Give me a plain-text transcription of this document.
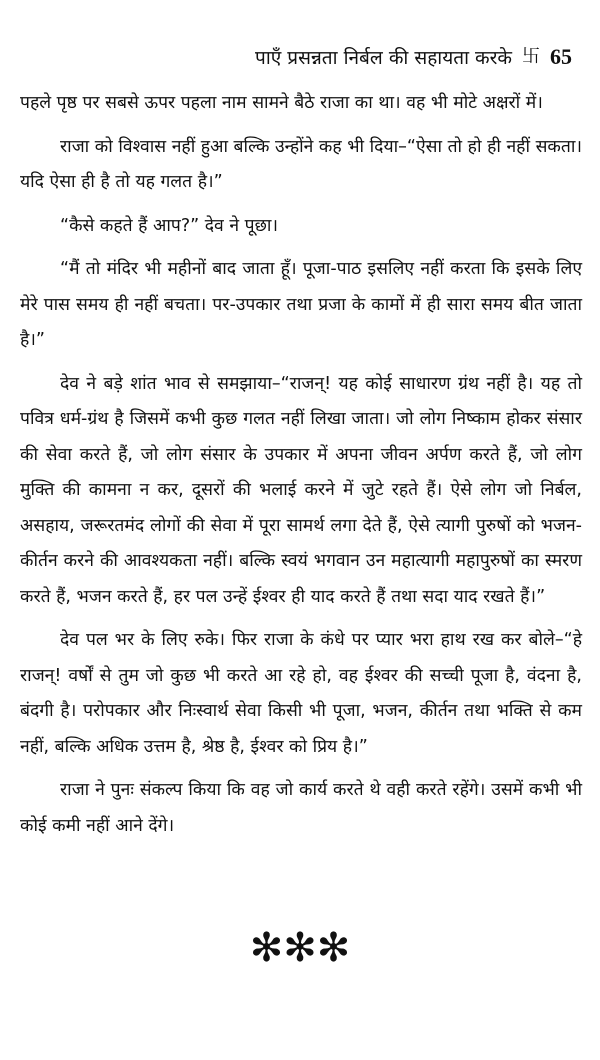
पाएँ प्रसन्नता निर्बल की सहायता करके 卐 65

पहले पृष्ठ पर सबसे ऊपर पहला नाम सामने बैठे राजा का था। वह भी मोटे अक्षरों में।

राजा को विश्वास नहीं हुआ बल्कि उन्होंने कह भी दिया–“ऐसा तो हो ही नहीं सकता। यदि ऐसा ही है तो यह गलत है।”

“कैसे कहते हैं आप?” देव ने पूछा।

“मैं तो मंदिर भी महीनों बाद जाता हूँ। पूजा-पाठ इसलिए नहीं करता कि इसके लिए मेरे पास समय ही नहीं बचता। पर-उपकार तथा प्रजा के कामों में ही सारा समय बीत जाता है।”

देव ने बड़े शांत भाव से समझाया–“राजन्! यह कोई साधारण ग्रंथ नहीं है। यह तो पवित्र धर्म-ग्रंथ है जिसमें कभी कुछ गलत नहीं लिखा जाता। जो लोग निष्काम होकर संसार की सेवा करते हैं, जो लोग संसार के उपकार में अपना जीवन अर्पण करते हैं, जो लोग मुक्ति की कामना न कर, दूसरों की भलाई करने में जुटे रहते हैं। ऐसे लोग जो निर्बल, असहाय, जरूरतमंद लोगों की सेवा में पूरा सामर्थ लगा देते हैं, ऐसे त्यागी पुरुषों को भजन-कीर्तन करने की आवश्यकता नहीं। बल्कि स्वयं भगवान उन महात्यागी महापुरुषों का स्मरण करते हैं, भजन करते हैं, हर पल उन्हें ईश्वर ही याद करते हैं तथा सदा याद रखते हैं।”

देव पल भर के लिए रुके। फिर राजा के कंधे पर प्यार भरा हाथ रख कर बोले–“हे राजन्! वर्षों से तुम जो कुछ भी करते आ रहे हो, वह ईश्वर की सच्ची पूजा है, वंदना है, बंदगी है। परोपकार और निःस्वार्थ सेवा किसी भी पूजा, भजन, कीर्तन तथा भक्ति से कम नहीं, बल्कि अधिक उत्तम है, श्रेष्ठ है, ईश्वर को प्रिय है।”

राजा ने पुनः संकल्प किया कि वह जो कार्य करते थे वही करते रहेंगे। उसमें कभी भी कोई कमी नहीं आने देंगे।

✻✻✻
